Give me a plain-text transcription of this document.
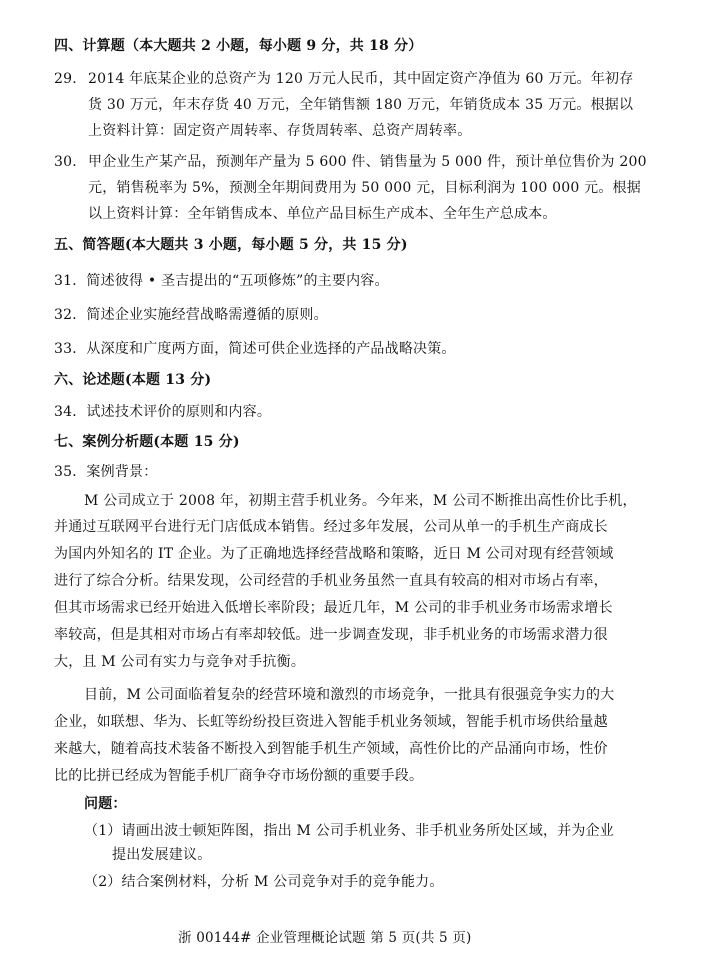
四、计算题（本大题共 2 小题，每小题 9 分，共 18 分）
29. 2014 年底某企业的总资产为 120 万元人民币，其中固定资产净值为 60 万元。年初存
货 30 万元，年末存货 40 万元，全年销售额 180 万元，年销货成本 35 万元。根据以
上资料计算：固定资产周转率、存货周转率、总资产周转率。
30. 甲企业生产某产品，预测年产量为 5 600 件、销售量为 5 000 件，预计单位售价为 200
元，销售税率为 5%，预测全年期间费用为 50 000 元，目标利润为 100 000 元。根据
以上资料计算：全年销售成本、单位产品目标生产成本、全年生产总成本。
五、简答题(本大题共 3 小题，每小题 5 分，共 15 分)
31．简述彼得 • 圣吉提出的“五项修炼”的主要内容。
32．简述企业实施经营战略需遵循的原则。
33．从深度和广度两方面，简述可供企业选择的产品战略决策。
六、论述题(本题 13 分)
34．试述技术评价的原则和内容。
七、案例分析题(本题 15 分)
35．案例背景：
M 公司成立于 2008 年，初期主营手机业务。今年来，M 公司不断推出高性价比手机，
并通过互联网平台进行无门店低成本销售。经过多年发展，公司从单一的手机生产商成长
为国内外知名的 IT 企业。为了正确地选择经营战略和策略，近日 M 公司对现有经营领域
进行了综合分析。结果发现，公司经营的手机业务虽然一直具有较高的相对市场占有率，
但其市场需求已经开始进入低增长率阶段；最近几年，M 公司的非手机业务市场需求增长
率较高，但是其相对市场占有率却较低。进一步调查发现，非手机业务的市场需求潜力很
大，且 M 公司有实力与竞争对手抗衡。
目前，M 公司面临着复杂的经营环境和激烈的市场竞争，一批具有很强竞争实力的大
企业，如联想、华为、长虹等纷纷投巨资进入智能手机业务领域，智能手机市场供给量越
来越大，随着高技术装备不断投入到智能手机生产领域，高性价比的产品涌向市场，性价
比的比拼已经成为智能手机厂商争夺市场份额的重要手段。
问题：
（1）请画出波士顿矩阵图，指出 M 公司手机业务、非手机业务所处区域，并为企业
提出发展建议。
（2）结合案例材料，分析 M 公司竞争对手的竞争能力。
浙 00144# 企业管理概论试题 第 5 页(共 5 页)
